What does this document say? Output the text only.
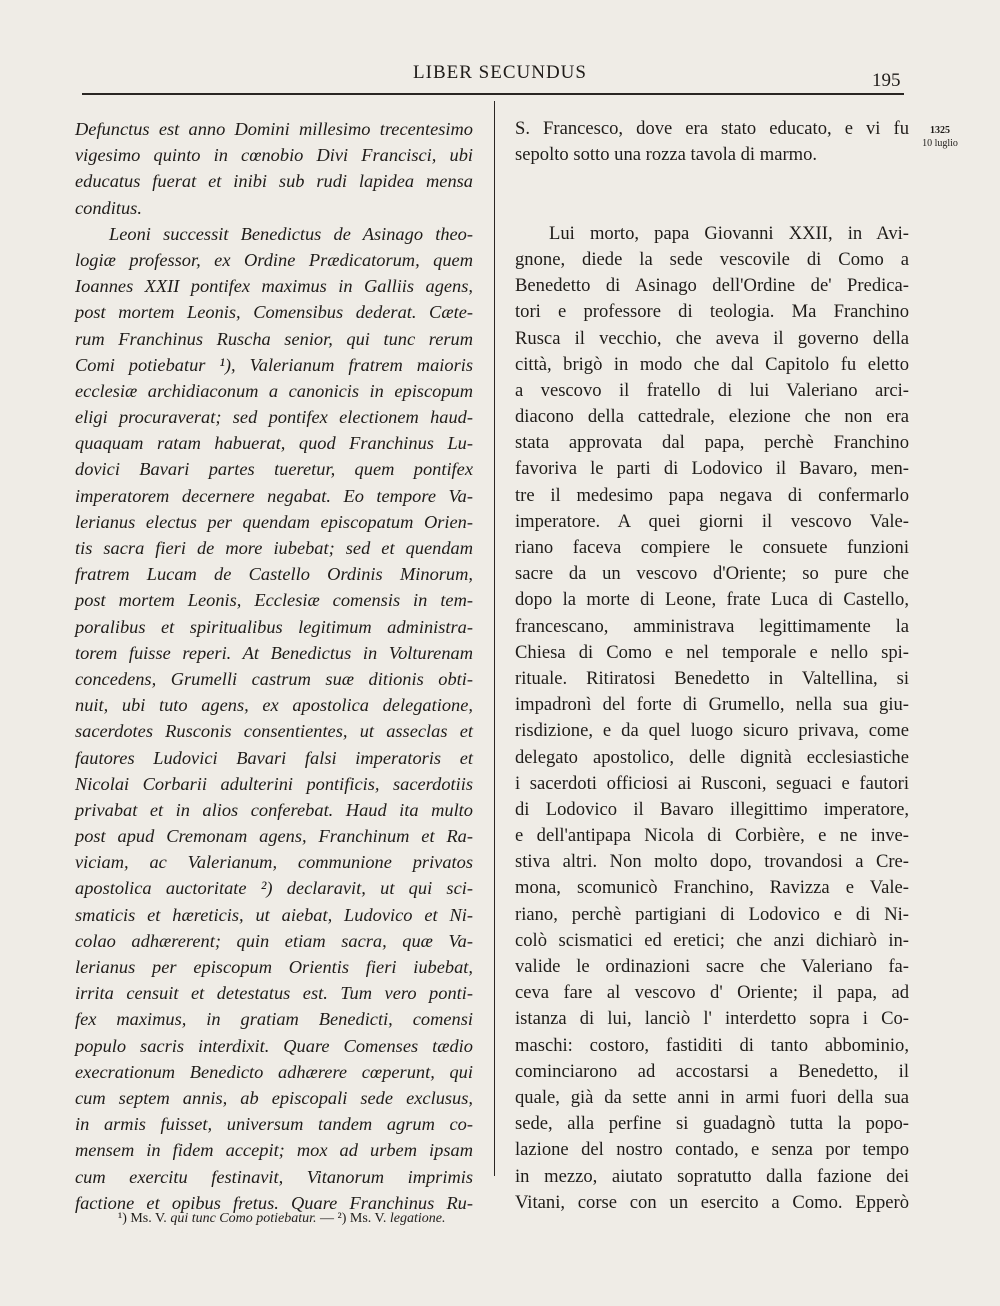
LIBER SECUNDUS	195
Defunctus est anno Domini millesimo trecentesimo
vigesimo quinto in cœnobio Divi Francisci, ubi
educatus fuerat et inibi sub rudi lapidea mensa
conditus.
Leoni successit Benedictus de Asinago theo-
logiæ professor, ex Ordine Prædicatorum, quem
Ioannes XXII pontifex maximus in Galliis agens,
post mortem Leonis, Comensibus dederat. Cæte-
rum Franchinus Ruscha senior, qui tunc rerum
Comi potiebatur ¹), Valerianum fratrem maioris
ecclesiæ archidiaconum a canonicis in episcopum
eligi procuraverat; sed pontifex electionem haud-
quaquam ratam habuerat, quod Franchinus Lu-
dovici Bavari partes tueretur, quem pontifex
imperatorem decernere negabat. Eo tempore Va-
lerianus electus per quendam episcopatum Orien-
tis sacra fieri de more iubebat; sed et quendam
fratrem Lucam de Castello Ordinis Minorum,
post mortem Leonis, Ecclesiæ comensis in tem-
poralibus et spiritualibus legitimum administra-
torem fuisse reperi. At Benedictus in Volturenam
concedens, Grumelli castrum suæ ditionis obti-
nuit, ubi tuto agens, ex apostolica delegatione,
sacerdotes Rusconis consentientes, ut asseclas et
fautores Ludovici Bavari falsi imperatoris et
Nicolai Corbarii adulterini pontificis, sacerdotiis
privabat et in alios conferebat. Haud ita multo
post apud Cremonam agens, Franchinum et Ra-
viciam, ac Valerianum, communione privatos
apostolica auctoritate ²) declaravit, ut qui sci-
smaticis et hæreticis, ut aiebat, Ludovico et Ni-
colao adhærerent; quin etiam sacra, quæ Va-
lerianus per episcopum Orientis fieri iubebat,
irrita censuit et detestatus est. Tum vero ponti-
fex maximus, in gratiam Benedicti, comensi
populo sacris interdixit. Quare Comenses tædio
execrationum Benedicto adhærere cœperunt, qui
cum septem annis, ab episcopali sede exclusus,
in armis fuisset, universum tandem agrum co-
mensem in fidem accepit; mox ad urbem ipsam
cum exercitu festinavit, Vitanorum imprimis
factione et opibus fretus. Quare Franchinus Ru-
S. Francesco, dove era stato educato, e vi fu
sepolto sotto una rozza tavola di marmo.
Lui morto, papa Giovanni XXII, in Avi-
gnone, diede la sede vescovile di Como a
Benedetto di Asinago dell'Ordine de' Predica-
tori e professore di teologia. Ma Franchino
Rusca il vecchio, che aveva il governo della
città, brigò in modo che dal Capitolo fu eletto
a vescovo il fratello di lui Valeriano arci-
diacono della cattedrale, elezione che non era
stata approvata dal papa, perchè Franchino
favoriva le parti di Lodovico il Bavaro, men-
tre il medesimo papa negava di confermarlo
imperatore. A quei giorni il vescovo Vale-
riano faceva compiere le consuete funzioni
sacre da un vescovo d'Oriente; so pure che
dopo la morte di Leone, frate Luca di Castello,
francescano, amministrava legittimamente la
Chiesa di Como e nel temporale e nello spi-
rituale. Ritiratosi Benedetto in Valtellina, si
impadronì del forte di Grumello, nella sua giu-
risdizione, e da quel luogo sicuro privava, come
delegato apostolico, delle dignità ecclesiastiche
i sacerdoti officiosi ai Rusconi, seguaci e fautori
di Lodovico il Bavaro illegittimo imperatore,
e dell'antipapa Nicola di Corbière, e ne inve-
stiva altri. Non molto dopo, trovandosi a Cre-
mona, scomunicò Franchino, Ravizza e Vale-
riano, perchè partigiani di Lodovico e di Ni-
colò scismatici ed eretici; che anzi dichiarò in-
valide le ordinazioni sacre che Valeriano fa-
ceva fare al vescovo d' Oriente; il papa, ad
istanza di lui, lanciò l' interdetto sopra i Co-
maschi: costoro, fastiditi di tanto abbominio,
cominciarono ad accostarsi a Benedetto, il
quale, già da sette anni in armi fuori della sua
sede, alla perfine si guadagnò tutta la popo-
lazione del nostro contado, e senza por tempo
in mezzo, aiutato sopratutto dalla fazione dei
Vitani, corse con un esercito a Como. Epperò
1325
10 luglio
¹) Ms. V. qui tunc Como potiebatur. — ²) Ms. V. legatione.
